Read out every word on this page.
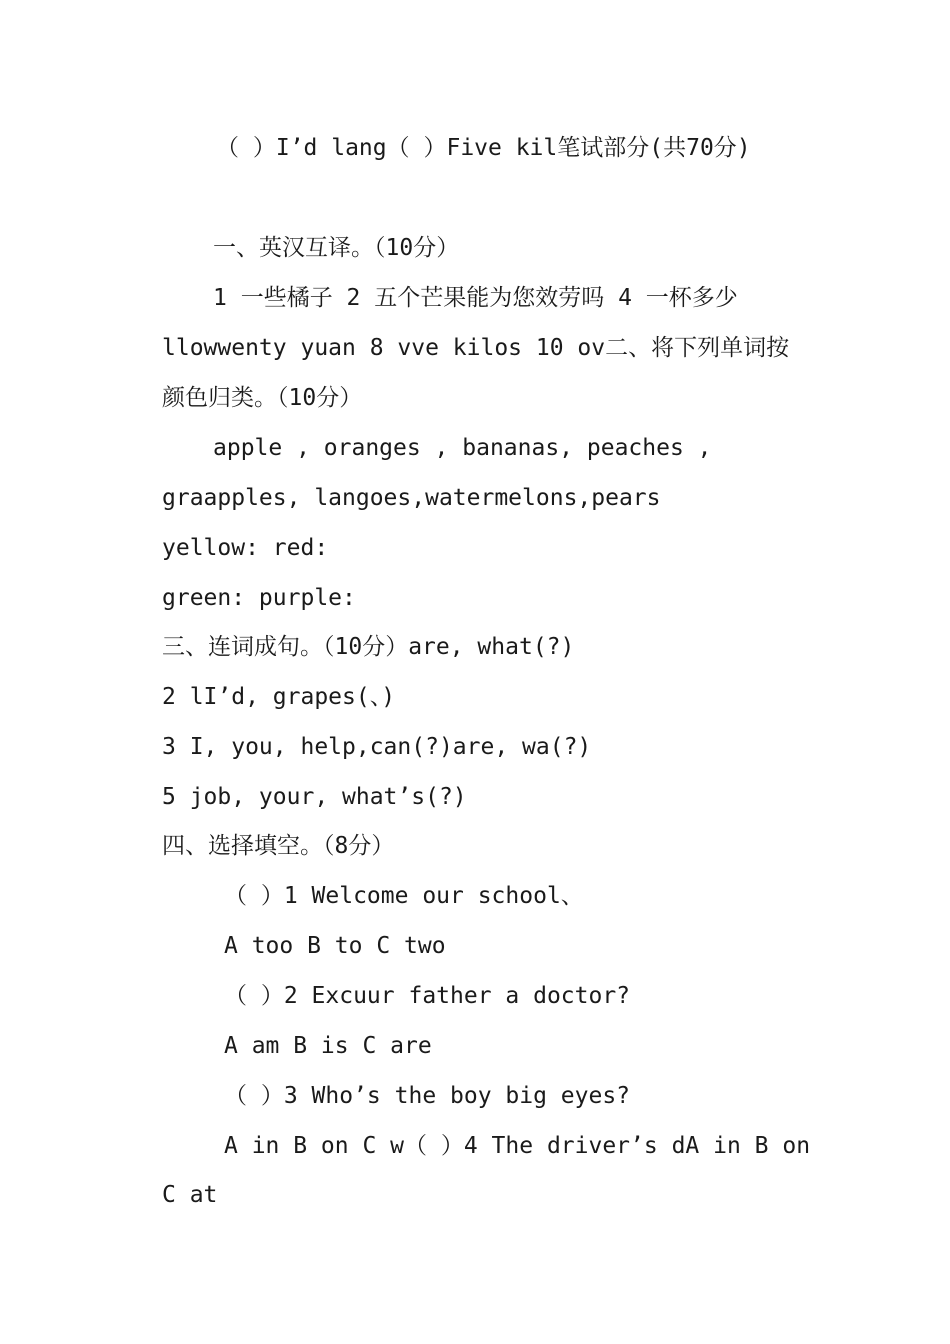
（ ）I’d lang（ ）Five kil笔试部分(共70分)
一、英汉互译。（10分）
1 一些橘子 2 五个芒果能为您效劳吗 4 一杯多少
llowwenty yuan 8 vve kilos 10 ov二、将下列单词按
颜色归类。（10分）
apple , oranges , bananas, peaches ,
graapples, langoes,watermelons,pears
yellow: red:
green: purple:
三、连词成句。（10分）are, what(?)
2 lI’d, grapes(、)
3 I, you, help,can(?)are, wa(?)
5 job, your, what’s(?)
四、选择填空。（8分）
（ ）1 Welcome our school、
A too B to C two
（ ）2 Excuur father a doctor?
A am B is C are
（ ）3 Who’s the boy big eyes?
A in B on C w（ ）4 The driver’s dA in B on
C at
